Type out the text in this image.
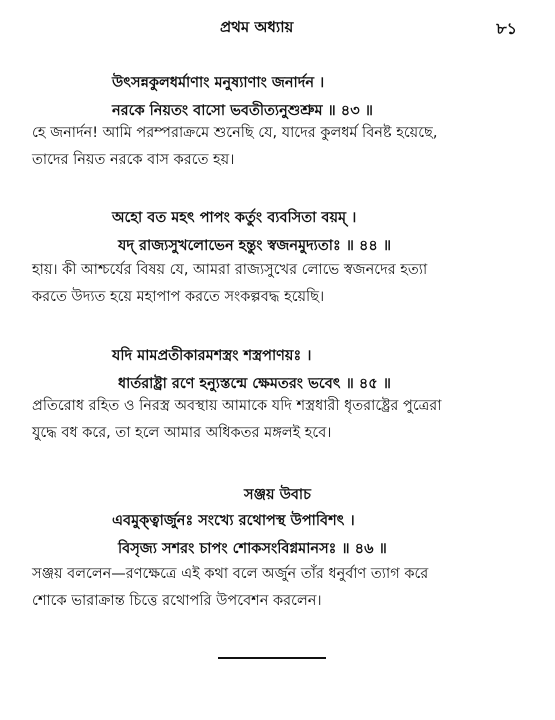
প্রথম অধ্যায়	৮১
উৎসন্নকুলধর্মাণাং মনুষ্যাণাং জনার্দন ।
নরকে নিয়তং বাসো ভবতীত্যনুশুশ্রুম ॥ ৪৩ ॥
হে জনার্দন! আমি পরম্পরাক্রমে শুনেছি যে, যাদের কুলধর্ম বিনষ্ট হয়েছে,
তাদের নিয়ত নরকে বাস করতে হয়।
অহো বত মহৎ পাপং কর্তুং ব্যবসিতা বয়ম্ ।
যদ্ রাজ্যসুখলোভেন হন্তুং স্বজনমুদ্যতাঃ ॥ ৪৪ ॥
হায়। কী আশ্চর্যের বিষয় যে, আমরা রাজ্যসুখের লোভে স্বজনদের হত্যা
করতে উদ্যত হয়ে মহাপাপ করতে সংকল্পবদ্ধ হয়েছি।
যদি মামপ্রতীকারমশস্ত্রং শস্ত্রপাণয়ঃ ।
ধার্তরাষ্ট্রা রণে হন্যুস্তন্মে ক্ষেমতরং ভবেৎ ॥ ৪৫ ॥
প্রতিরোধ রহিত ও নিরস্ত্র অবস্থায় আমাকে যদি শস্ত্রধারী ধৃতরাষ্ট্রের পুত্রেরা
যুদ্ধে বধ করে, তা হলে আমার অধিকতর মঙ্গলই হবে।
সঞ্জয় উবাচ
এবমুক্ত্বার্জুনঃ সংখ্যে রথোপস্থ উপাবিশৎ ।
বিসৃজ্য সশরং চাপং শোকসংবিগ্নমানসঃ ॥ ৪৬ ॥
সঞ্জয় বললেন—রণক্ষেত্রে এই কথা বলে অর্জুন তাঁর ধনুর্বাণ ত্যাগ করে
শোকে ভারাক্রান্ত চিত্তে রথোপরি উপবেশন করলেন।
